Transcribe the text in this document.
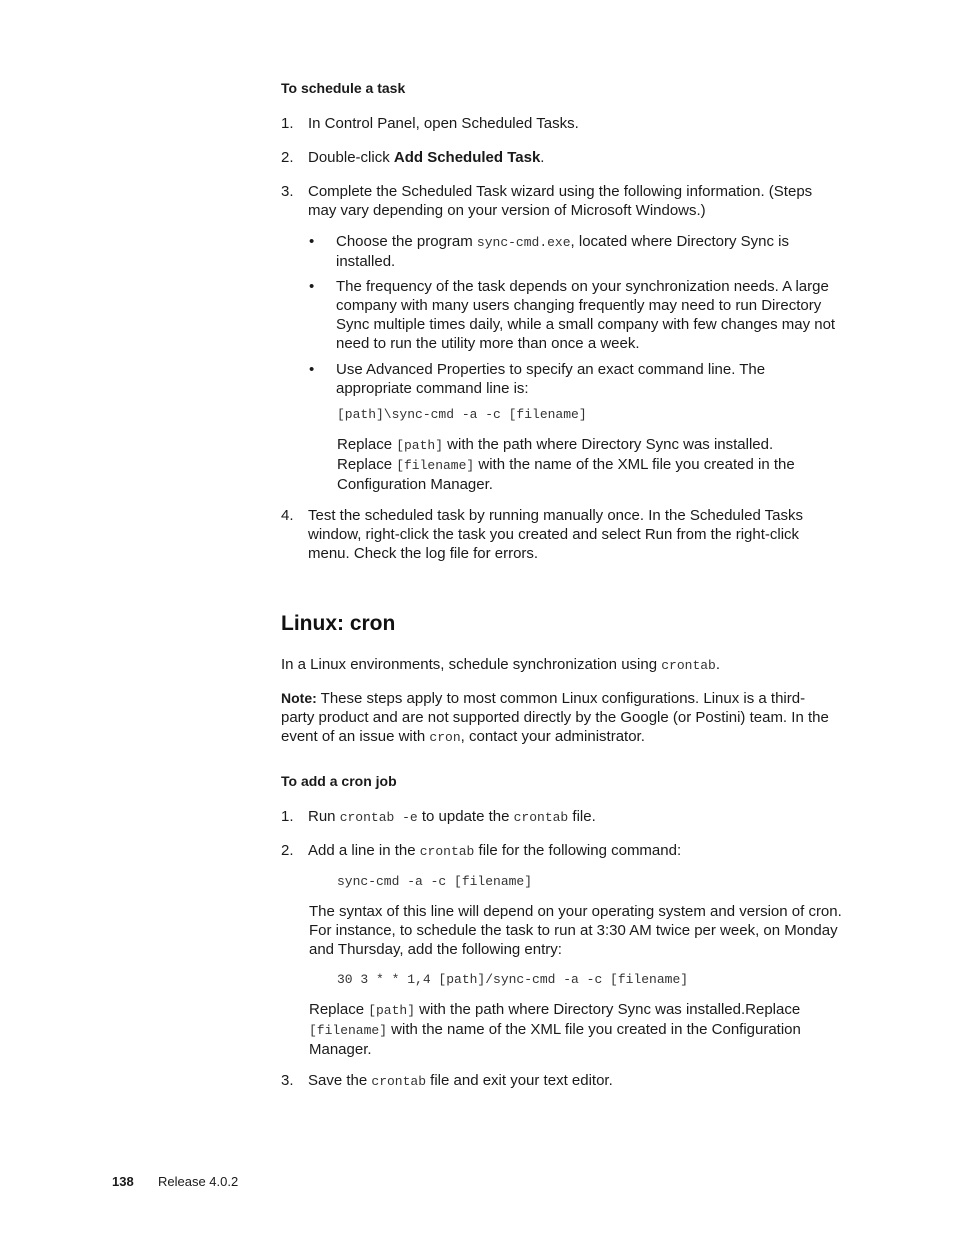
To schedule a task
1. In Control Panel, open Scheduled Tasks.
2. Double-click Add Scheduled Task.
3. Complete the Scheduled Task wizard using the following information. (Steps may vary depending on your version of Microsoft Windows.)
• Choose the program sync-cmd.exe, located where Directory Sync is installed.
• The frequency of the task depends on your synchronization needs. A large company with many users changing frequently may need to run Directory Sync multiple times daily, while a small company with few changes may not need to run the utility more than once a week.
• Use Advanced Properties to specify an exact command line. The appropriate command line is:
[path]\sync-cmd -a -c [filename]
Replace [path] with the path where Directory Sync was installed.
Replace [filename] with the name of the XML file you created in the Configuration Manager.
4. Test the scheduled task by running manually once. In the Scheduled Tasks window, right-click the task you created and select Run from the right-click menu. Check the log file for errors.
Linux: cron
In a Linux environments, schedule synchronization using crontab.
Note: These steps apply to most common Linux configurations. Linux is a third-party product and are not supported directly by the Google (or Postini) team. In the event of an issue with cron, contact your administrator.
To add a cron job
1. Run crontab -e to update the crontab file.
2. Add a line in the crontab file for the following command:
sync-cmd -a -c [filename]
The syntax of this line will depend on your operating system and version of cron. For instance, to schedule the task to run at 3:30 AM twice per week, on Monday and Thursday, add the following entry:
30 3 * * 1,4 [path]/sync-cmd -a -c [filename]
Replace [path] with the path where Directory Sync was installed.Replace [filename] with the name of the XML file you created in the Configuration Manager.
3. Save the crontab file and exit your text editor.
138 Release 4.0.2
